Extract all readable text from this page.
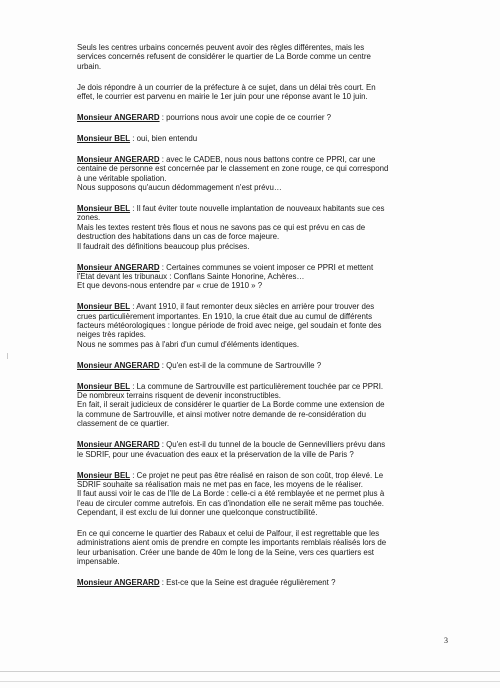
Seuls les centres urbains concernés peuvent avoir des règles différentes, mais les
services concernés refusent de considérer le quartier de La Borde comme un centre
urbain.
Je dois répondre à un courrier de la préfecture à ce sujet, dans un délai très court. En
effet, le courrier est parvenu en mairie le 1er juin pour une réponse avant le 10 juin.
Monsieur ANGERARD : pourrions nous avoir une copie de ce courrier ?
Monsieur BEL : oui, bien entendu
Monsieur ANGERARD : avec le CADEB, nous nous battons contre ce PPRI, car une
centaine de personne est concernée par le classement en zone rouge, ce qui correspond
à une véritable spoliation.
Nous supposons qu'aucun dédommagement n'est prévu…
Monsieur BEL : Il faut éviter toute nouvelle implantation de nouveaux habitants sue ces
zones.
Mais les textes restent très flous et nous ne savons pas ce qui est prévu en cas de
destruction des habitations dans un cas de force majeure.
Il faudrait des définitions beaucoup plus précises.
Monsieur ANGERARD : Certaines communes se voient imposer ce PPRI et mettent
l'Etat devant les tribunaux : Conflans Sainte Honorine, Achères…
Et que devons-nous entendre par « crue de 1910 » ?
Monsieur BEL : Avant 1910, il faut remonter deux siècles en arrière pour trouver des
crues particulièrement importantes. En 1910, la crue était due au cumul de différents
facteurs météorologiques : longue période de froid avec neige, gel soudain et fonte des
neiges très rapides.
Nous ne sommes pas à l'abri d'un cumul d'éléments identiques.
Monsieur ANGERARD : Qu'en est-il de la commune de Sartrouville ?
Monsieur BEL : La commune de Sartrouville est particulièrement touchée par ce PPRI.
De nombreux terrains risquent de devenir inconstructibles.
En fait, il serait judicieux de considérer le quartier de La Borde comme une extension de
la commune de Sartrouville, et ainsi motiver notre demande de re-considération du
classement de ce quartier.
Monsieur ANGERARD : Qu'en est-il du tunnel de la boucle de Gennevilliers prévu dans
le SDRIF, pour une évacuation des eaux et la préservation de la ville de Paris ?
Monsieur BEL : Ce projet ne peut pas être réalisé en raison de son coût, trop élevé. Le
SDRIF souhaite sa réalisation mais ne met pas en face, les moyens de le réaliser.
Il faut aussi voir le cas de l'Ile de La Borde : celle-ci a été remblayée et ne permet plus à
l'eau de circuler comme autrefois. En cas d'inondation elle ne serait même pas touchée.
Cependant, il est exclu de lui donner une quelconque constructibilité.
En ce qui concerne le quartier des Rabaux et celui de Palfour, il est regrettable que les
administrations aient omis de prendre en compte les importants remblais réalisés lors de
leur urbanisation. Créer une bande de 40m le long de la Seine, vers ces quartiers est
impensable.
Monsieur ANGERARD : Est-ce que la Seine est draguée régulièrement ?
3
